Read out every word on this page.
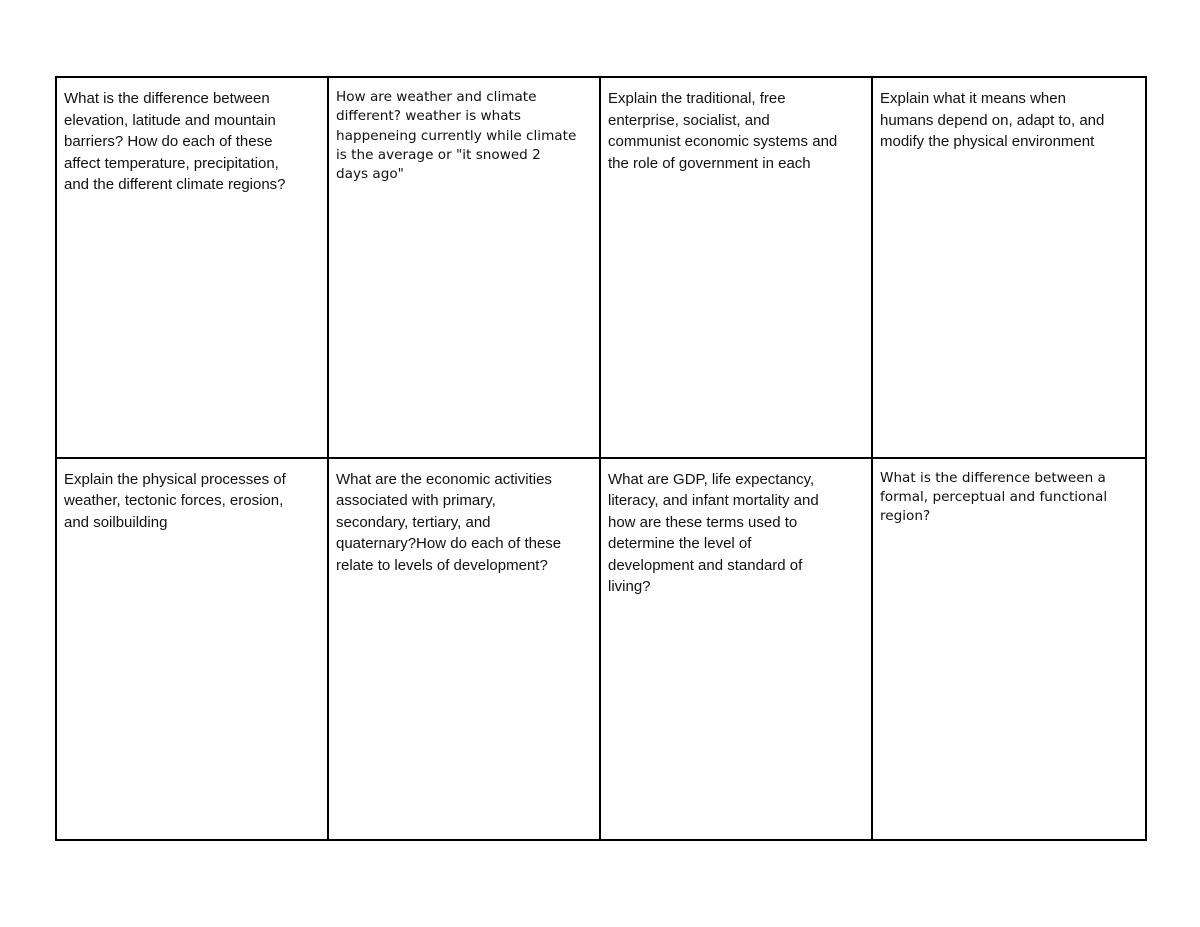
What is the difference between
elevation, latitude and mountain
barriers? How do each of these
affect temperature, precipitation,
and the different climate regions?

How are weather and climate
different? weather is whats
happeneing currently while climate
is the average or "it snowed 2
days ago"

Explain the traditional, free
enterprise, socialist, and
communist economic systems and
the role of government in each

Explain what it means when
humans depend on, adapt to, and
modify the physical environment

Explain the physical processes of
weather, tectonic forces, erosion,
and soilbuilding

What are the economic activities
associated with primary,
secondary, tertiary, and
quaternary?How do each of these
relate to levels of development?

What are GDP, life expectancy,
literacy, and infant mortality and
how are these terms used to
determine the level of
development and standard of
living?

What is the difference between a
formal, perceptual and functional
region?
